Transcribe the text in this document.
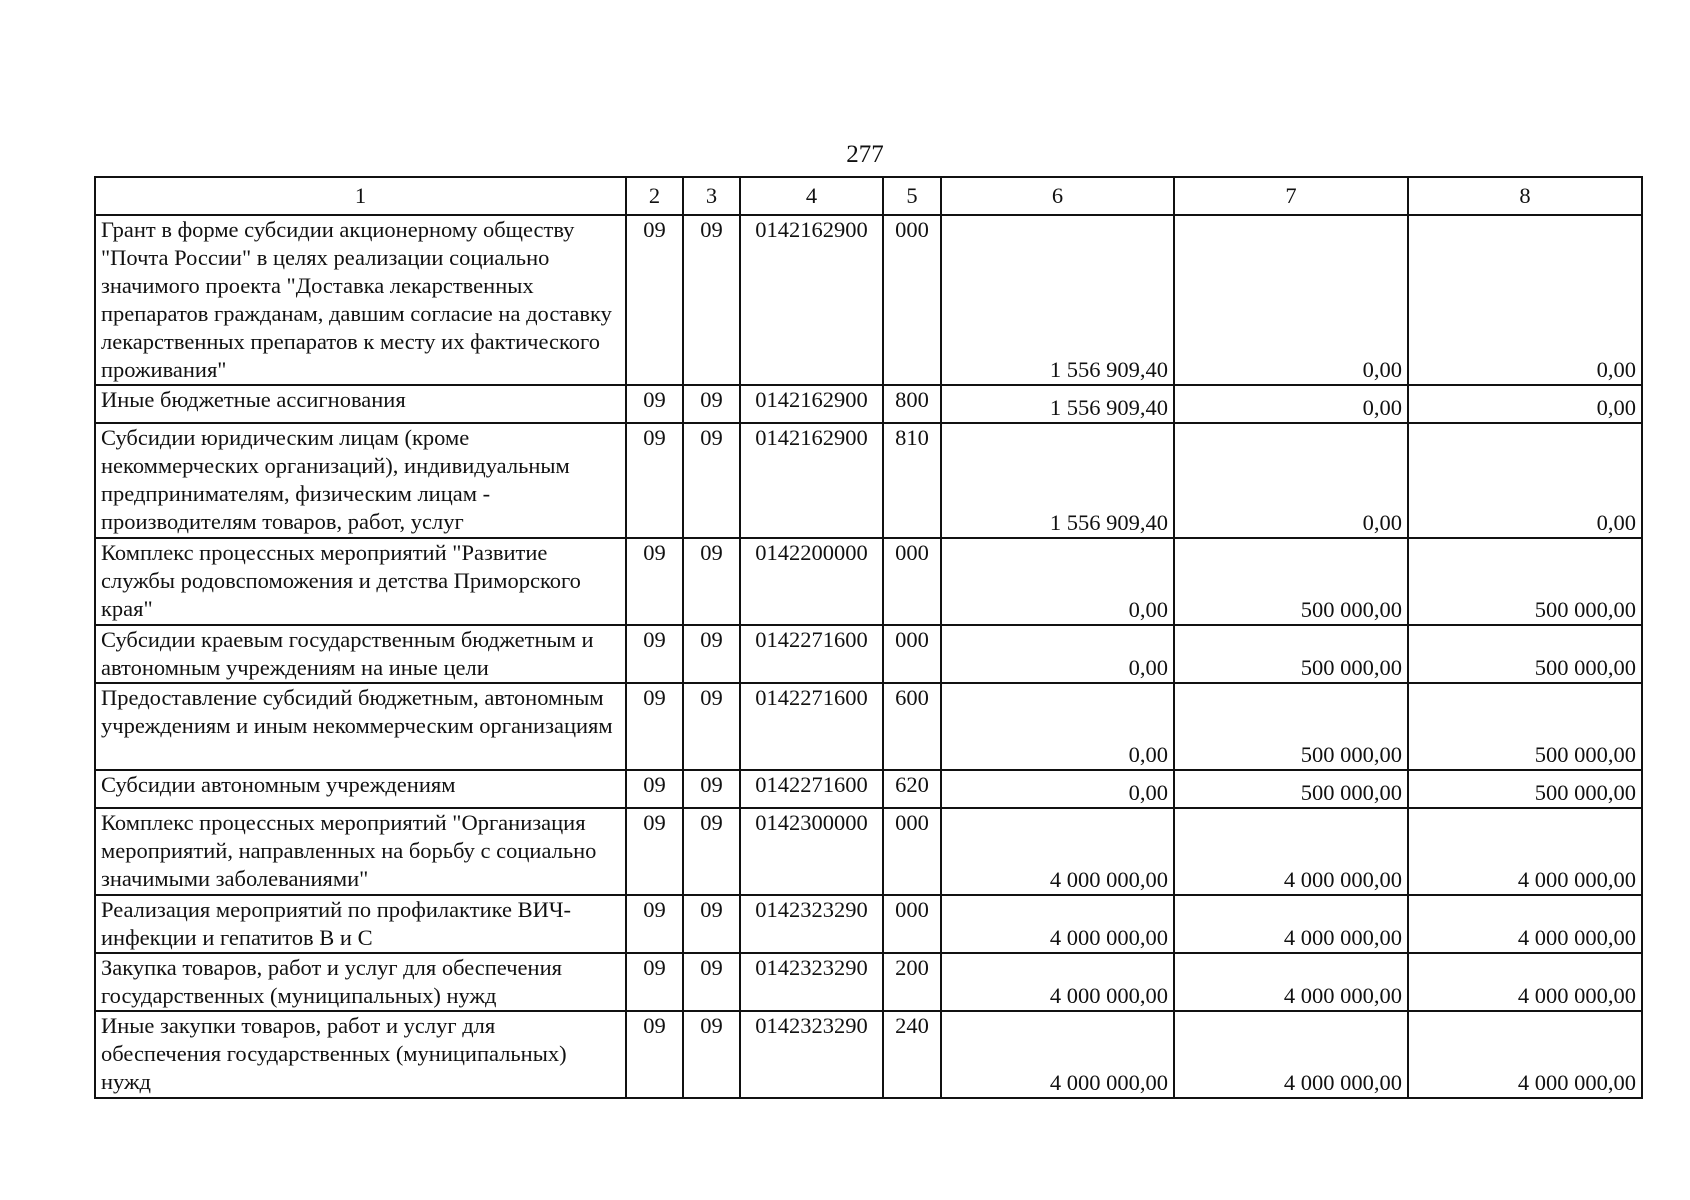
277
1	2	3	4	5	6	7	8
Грант в форме субсидии акционерному обществу "Почта России" в целях реализации социально значимого проекта "Доставка лекарственных препаратов гражданам, давшим согласие на доставку лекарственных препаратов к месту их фактического проживания"	09	09	0142162900	000	1 556 909,40	0,00	0,00
Иные бюджетные ассигнования	09	09	0142162900	800	1 556 909,40	0,00	0,00
Субсидии юридическим лицам (кроме некоммерческих организаций), индивидуальным предпринимателям, физическим лицам - производителям товаров, работ, услуг	09	09	0142162900	810	1 556 909,40	0,00	0,00
Комплекс процессных мероприятий "Развитие службы родовспоможения и детства Приморского края"	09	09	0142200000	000	0,00	500 000,00	500 000,00
Субсидии краевым государственным бюджетным и автономным учреждениям на иные цели	09	09	0142271600	000	0,00	500 000,00	500 000,00
Предоставление субсидий бюджетным, автономным учреждениям и иным некоммерческим организациям	09	09	0142271600	600	0,00	500 000,00	500 000,00
Субсидии автономным учреждениям	09	09	0142271600	620	0,00	500 000,00	500 000,00
Комплекс процессных мероприятий "Организация мероприятий, направленных на борьбу с социально значимыми заболеваниями"	09	09	0142300000	000	4 000 000,00	4 000 000,00	4 000 000,00
Реализация мероприятий по профилактике ВИЧ-инфекции и гепатитов В и С	09	09	0142323290	000	4 000 000,00	4 000 000,00	4 000 000,00
Закупка товаров, работ и услуг для обеспечения государственных (муниципальных) нужд	09	09	0142323290	200	4 000 000,00	4 000 000,00	4 000 000,00
Иные закупки товаров, работ и услуг для обеспечения государственных (муниципальных) нужд	09	09	0142323290	240	4 000 000,00	4 000 000,00	4 000 000,00
